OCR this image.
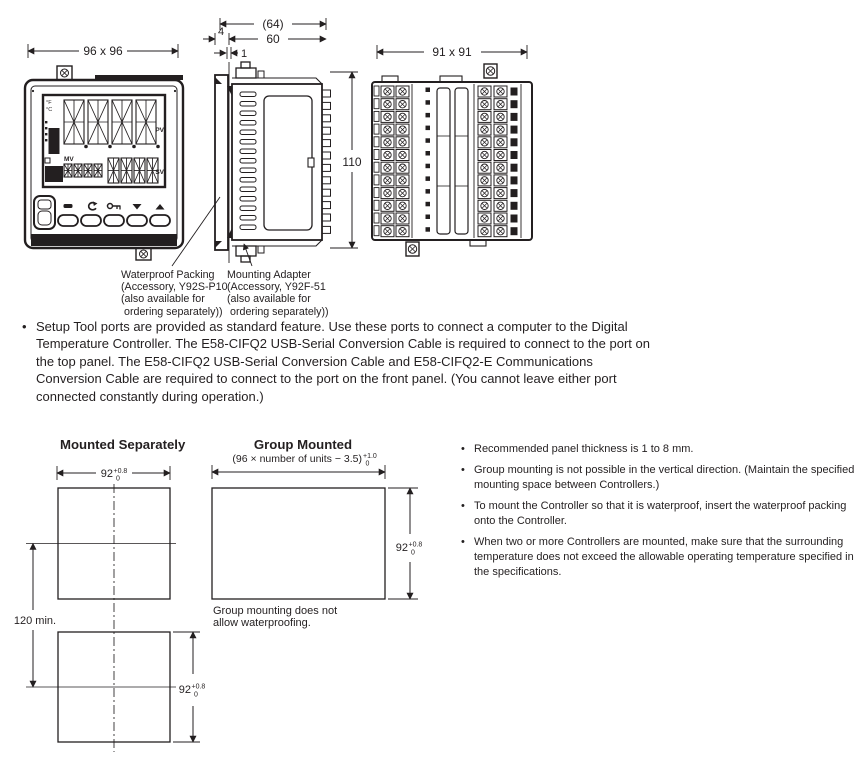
96 x 96
°F
°C
PV
SV
MV
OMRON	E5AC
(64)
60
4
1
110
91 x 91
Waterproof Packing
(Accessory, Y92S-P10
(also available for
ordering separately))
Mounting Adapter
(Accessory, Y92F-51
(also available for
ordering separately))
• Setup Tool ports are provided as standard feature. Use these ports to connect a computer to the Digital Temperature Controller. The E58-CIFQ2 USB-Serial Conversion Cable is required to connect to the port on the top panel. The E58-CIFQ2 USB-Serial Conversion Cable and E58-CIFQ2-E Communications Conversion Cable are required to connect to the port on the front panel. (You cannot leave either port connected constantly during operation.)
Mounted Separately
92 +0.8
0
120 min.
92 +0.8
0
Group Mounted
(96 × number of units − 3.5) +1.0
0
92 +0.8
0
Group mounting does not
allow waterproofing.
• Recommended panel thickness is 1 to 8 mm.
• Group mounting is not possible in the vertical direction. (Maintain the specified mounting space between Controllers.)
• To mount the Controller so that it is waterproof, insert the waterproof packing onto the Controller.
• When two or more Controllers are mounted, make sure that the surrounding temperature does not exceed the allowable operating temperature specified in the specifications.
